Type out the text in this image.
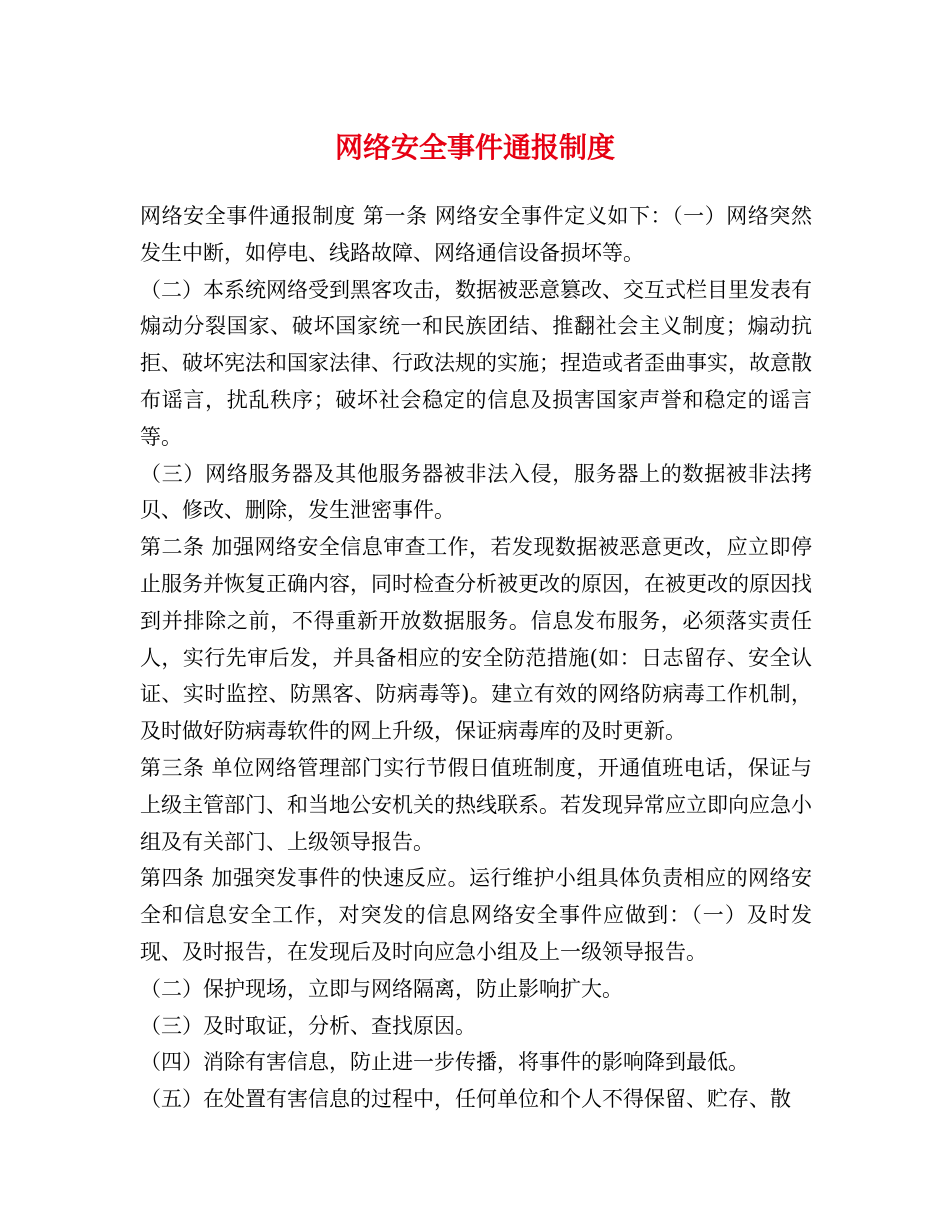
网络安全事件通报制度

网络安全事件通报制度 第一条 网络安全事件定义如下：（一）网络突然发生中断，如停电、线路故障、网络通信设备损坏等。

（二）本系统网络受到黑客攻击，数据被恶意篡改、交互式栏目里发表有煽动分裂国家、破坏国家统一和民族团结、推翻社会主义制度；煽动抗拒、破坏宪法和国家法律、行政法规的实施；捏造或者歪曲事实，故意散布谣言，扰乱秩序；破坏社会稳定的信息及损害国家声誉和稳定的谣言等。

（三）网络服务器及其他服务器被非法入侵，服务器上的数据被非法拷贝、修改、删除，发生泄密事件。

第二条 加强网络安全信息审查工作，若发现数据被恶意更改，应立即停止服务并恢复正确内容，同时检查分析被更改的原因，在被更改的原因找到并排除之前，不得重新开放数据服务。信息发布服务，必须落实责任人，实行先审后发，并具备相应的安全防范措施(如：日志留存、安全认证、实时监控、防黑客、防病毒等)。建立有效的网络防病毒工作机制，及时做好防病毒软件的网上升级，保证病毒库的及时更新。

第三条 单位网络管理部门实行节假日值班制度，开通值班电话，保证与上级主管部门、和当地公安机关的热线联系。若发现异常应立即向应急小组及有关部门、上级领导报告。

第四条 加强突发事件的快速反应。运行维护小组具体负责相应的网络安全和信息安全工作，对突发的信息网络安全事件应做到：（一）及时发现、及时报告，在发现后及时向应急小组及上一级领导报告。

（二）保护现场，立即与网络隔离，防止影响扩大。

（三）及时取证，分析、查找原因。

（四）消除有害信息，防止进一步传播，将事件的影响降到最低。

（五）在处置有害信息的过程中，任何单位和个人不得保留、贮存、散
